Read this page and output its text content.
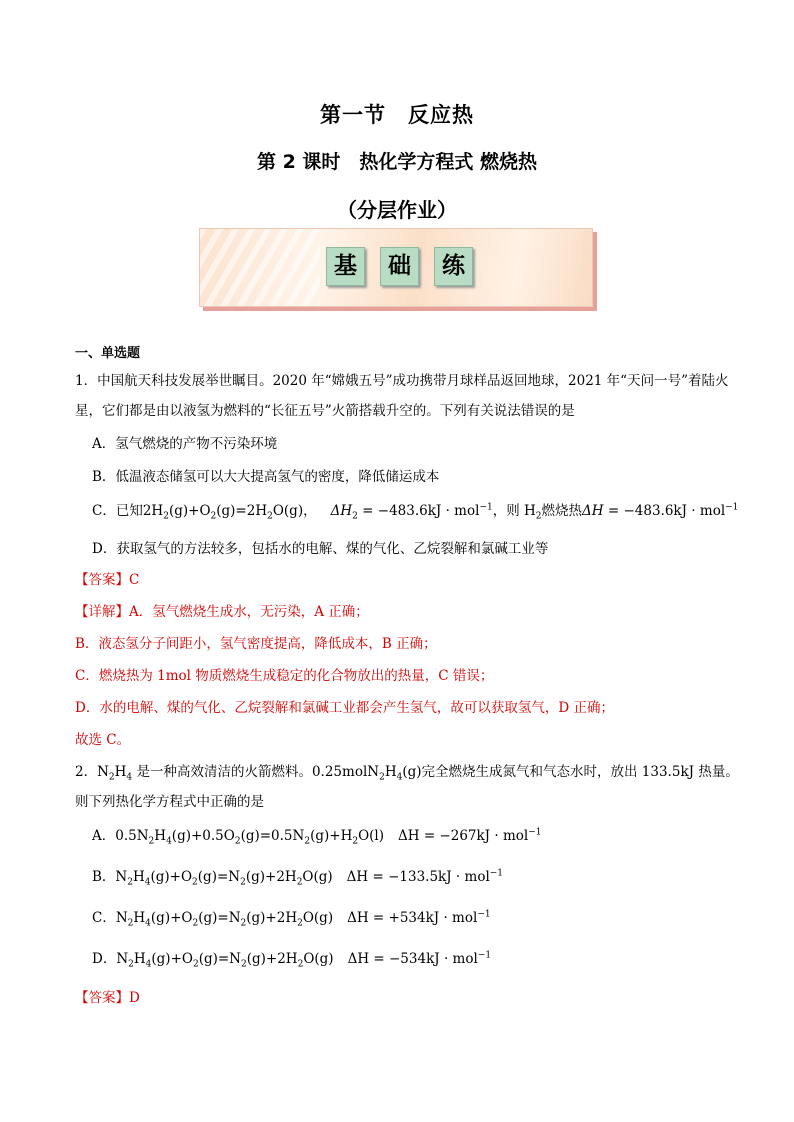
第一节　反应热
第 2 课时　热化学方程式 燃烧热
（分层作业）
基	础	练
一、单选题
1．中国航天科技发展举世瞩目。2020 年“嫦娥五号”成功携带月球样品返回地球，2021 年“天问一号”着陆火
星，它们都是由以液氢为燃料的“长征五号”火箭搭载升空的。下列有关说法错误的是
A．氢气燃烧的产物不污染环境
B．低温液态储氢可以大大提高氢气的密度，降低储运成本
C．已知$2H_2(g)+O_2(g)=2H_2O(g)$， $\Delta H_2 = -483.6kJ \cdot mol^{-1}$，则 $H_2$燃烧热ΔH = −483.6kJ · mol$^{-1}$
D．获取氢气的方法较多，包括水的电解、煤的气化、乙烷裂解和氯碱工业等
【答案】C
【详解】A．氢气燃烧生成水，无污染，A 正确；
B．液态氢分子间距小，氢气密度提高，降低成本，B 正确；
C．燃烧热为 1mol 物质燃烧生成稳定的化合物放出的热量，C 错误；
D．水的电解、煤的气化、乙烷裂解和氯碱工业都会产生氢气，故可以获取氢气，D 正确；
故选 C。
2．$N_2H_4$ 是一种高效清洁的火箭燃料。$0.25molN_2H_4(g)$完全燃烧生成氮气和气态水时，放出 133.5kJ 热量。
则下列热化学方程式中正确的是
A．$0.5N_2H_4(g)+0.5O_2(g)=0.5N_2(g)+H_2O(l) \Delta H = -267kJ \cdot mol^{-1}$
B．$N_2H_4(g)+O_2(g)=N_2(g)+2H_2O(g) \Delta H = -133.5kJ \cdot mol^{-1}$
C．$N_2H_4(g)+O_2(g)=N_2(g)+2H_2O(g) \Delta H = +534kJ \cdot mol^{-1}$
D．$N_2H_4(g)+O_2(g)=N_2(g)+2H_2O(g) \Delta H = -534kJ \cdot mol^{-1}$
【答案】D
